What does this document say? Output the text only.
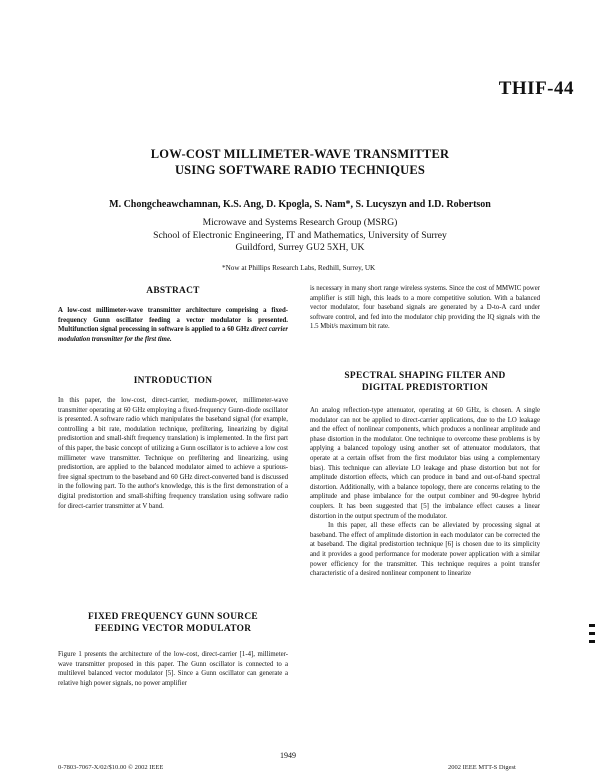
THIF-44
LOW-COST MILLIMETER-WAVE TRANSMITTER
USING SOFTWARE RADIO TECHNIQUES
M. Chongcheawchamnan, K.S. Ang, D. Kpogla, S. Nam*, S. Lucyszyn and I.D. Robertson
Microwave and Systems Research Group (MSRG)
School of Electronic Engineering, IT and Mathematics, University of Surrey
Guildford, Surrey GU2 5XH, UK
*Now at Phillips Research Labs, Redhill, Surrey, UK
ABSTRACT
A low-cost millimeter-wave transmitter architecture comprising a fixed-frequency Gunn oscillator feeding a vector modulator is presented. Multifunction signal processing in software is applied to a 60 GHz direct carrier modulation transmitter for the first time.
INTRODUCTION

In this paper, the low-cost, direct-carrier, medium-power, millimeter-wave transmitter operating at 60 GHz employing a fixed-frequency Gunn-diode oscillator is presented. A software radio which manipulates the baseband signal (for example, controlling a bit rate, modulation technique, prefiltering, linearizing by digital predistortion and small-shift frequency translation) is implemented. In the first part of this paper, the basic concept of utilizing a Gunn oscillator is to achieve a low cost millimeter wave transmitter. Technique on prefiltering and linearizing, using predistortion, are applied to the balanced modulator aimed to achieve a spurious-free signal spectrum to the baseband and 60 GHz direct-converted band is discussed in the following part. To the author's knowledge, this is the first demonstration of a digital predistortion and small-shifting frequency translation using software radio for direct-carrier transmitter at V band.

FIXED FREQUENCY GUNN SOURCE
FEEDING VECTOR MODULATOR

Figure 1 presents the architecture of the low-cost, direct-carrier [1-4], millimeter-wave transmitter proposed in this paper. The Gunn oscillator is connected to a multilevel balanced vector modulator [5]. Since a Gunn oscillator can generate a relative high power signals, no power amplifier

is necessary in many short range wireless systems. Since the cost of MMWIC power amplifier is still high, this leads to a more competitive solution. With a balanced vector modulator, four baseband signals are generated by a D-to-A card under software control, and fed into the modulator chip providing the IQ signals with the 1.5 Mbit/s maximum bit rate.

SPECTRAL SHAPING FILTER AND
DIGITAL PREDISTORTION

An analog reflection-type attenuator, operating at 60 GHz, is chosen. A single modulator can not be applied to direct-carrier applications, due to the LO leakage and the effect of nonlinear components, which produces a nonlinear amplitude and phase distortion in the modulator. One technique to overcome these problems is by applying a balanced topology using another set of attenuator modulators, that operate at a certain offset from the first modulator bias using a complementary bias). This technique can alleviate LO leakage and phase distortion but not for amplitude distortion effects, which can produce in band and out-of-band spectral distortion. Additionally, with a balance topology, there are concerns relating to the amplitude and phase imbalance for the output combiner and 90-degree hybrid couplers. It has been suggested that [5] the imbalance effect causes a linear distortion in the output spectrum of the modulator.

In this paper, all these effects can be alleviated by processing signal at baseband. The effect of amplitude distortion in each modulator can be corrected the at baseband. The digital predistortion technique [6] is chosen due to its simplicity and it provides a good performance for moderate power application with a similar power efficiency for the transmitter. This technique requires a point transfer characteristic of a desired nonlinear component to linearize

1949
0-7803-7067-X/02/$10.00 © 2002 IEEE	2002 IEEE MTT-S Digest
